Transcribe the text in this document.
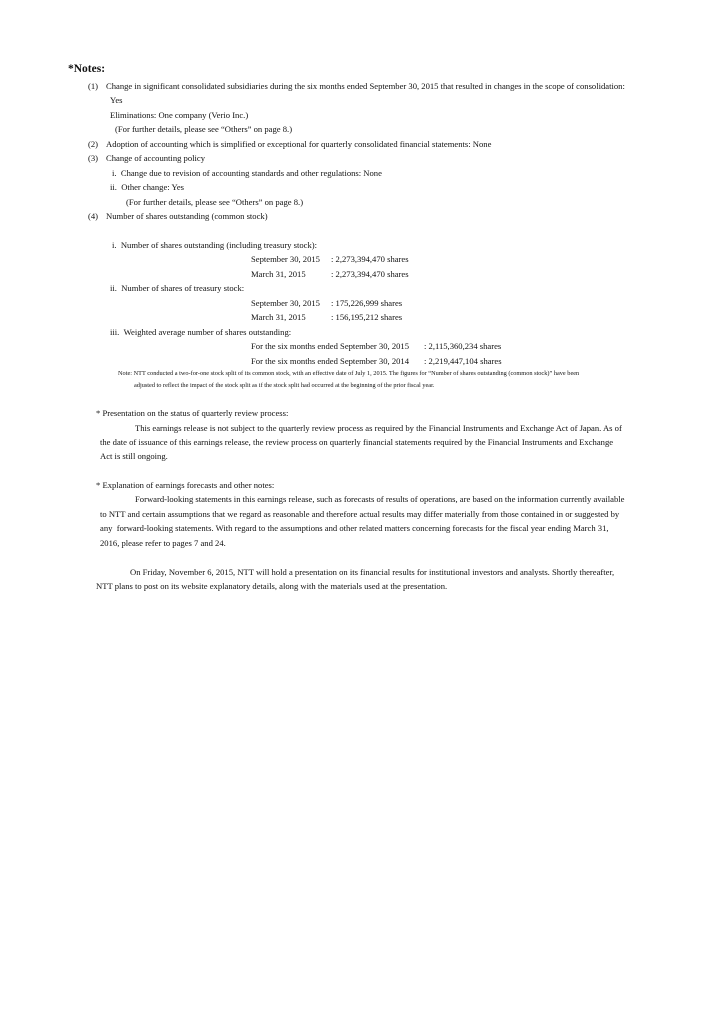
*Notes:
(1) Change in significant consolidated subsidiaries during the six months ended September 30, 2015 that resulted in changes in the scope of consolidation:
Yes
Eliminations: One company (Verio Inc.)
(For further details, please see “Others” on page 8.)
(2) Adoption of accounting which is simplified or exceptional for quarterly consolidated financial statements: None
(3) Change of accounting policy
i.  Change due to revision of accounting standards and other regulations: None
ii.  Other change: Yes
(For further details, please see “Others” on page 8.)
(4) Number of shares outstanding (common stock)
i.  Number of shares outstanding (including treasury stock):
September 30, 2015 : 2,273,394,470 shares
March 31, 2015	: 2,273,394,470 shares
ii.  Number of shares of treasury stock:
September 30, 2015 : 175,226,999 shares
March 31, 2015	: 156,195,212 shares
iii.  Weighted average number of shares outstanding:
For the six months ended September 30, 2015 : 2,115,360,234 shares
For the six months ended September 30, 2014 : 2,219,447,104 shares
Note: NTT conducted a two-for-one stock split of its common stock, with an effective date of July 1, 2015. The figures for “Number of shares outstanding (common stock)” have been
adjusted to reflect the impact of the stock split as if the stock split had occurred at the beginning of the prior fiscal year.
* Presentation on the status of quarterly review process:
This earnings release is not subject to the quarterly review process as required by the Financial Instruments and Exchange Act of Japan. As of
the date of issuance of this earnings release, the review process on quarterly financial statements required by the Financial Instruments and Exchange
Act is still ongoing.
* Explanation of earnings forecasts and other notes:
Forward-looking statements in this earnings release, such as forecasts of results of operations, are based on the information currently available
to NTT and certain assumptions that we regard as reasonable and therefore actual results may differ materially from those contained in or suggested by
any  forward-looking statements. With regard to the assumptions and other related matters concerning forecasts for the fiscal year ending March 31,
2016, please refer to pages 7 and 24.
On Friday, November 6, 2015, NTT will hold a presentation on its financial results for institutional investors and analysts. Shortly thereafter,
NTT plans to post on its website explanatory details, along with the materials used at the presentation.
